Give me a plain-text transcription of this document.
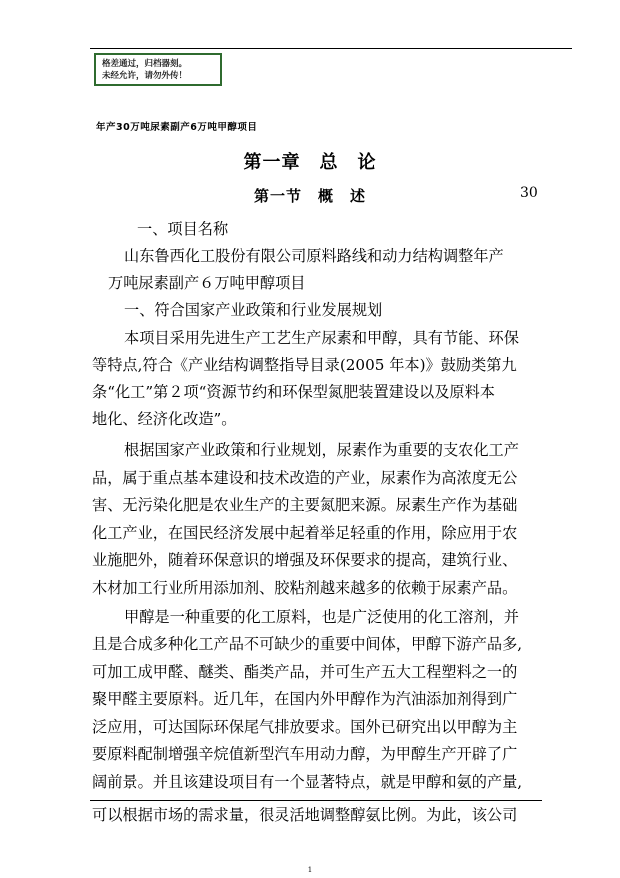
格差通过，归档器刻。
未经允许，请勿外传！
年产30万吨尿素副产6万吨甲醇项目
第一章　总　论
第一节　概　述	30
一、项目名称
山东鲁西化工股份有限公司原料路线和动力结构调整年产
万吨尿素副产６万吨甲醇项目
一、符合国家产业政策和行业发展规划
本项目采用先进生产工艺生产尿素和甲醇，具有节能、环保
等特点,符合《产业结构调整指导目录(2005 年本)》鼓励类第九
条“化工”第２项“资源节约和环保型氮肥装置建设以及原料本
地化、经济化改造”。
根据国家产业政策和行业规划，尿素作为重要的支农化工产
品，属于重点基本建设和技术改造的产业，尿素作为高浓度无公
害、无污染化肥是农业生产的主要氮肥来源。尿素生产作为基础
化工产业，在国民经济发展中起着举足轻重的作用，除应用于农
业施肥外，随着环保意识的增强及环保要求的提高，建筑行业、
木材加工行业所用添加剂、胶粘剂越来越多的依赖于尿素产品。
甲醇是一种重要的化工原料，也是广泛使用的化工溶剂，并
且是合成多种化工产品不可缺少的重要中间体，甲醇下游产品多,
可加工成甲醛、醚类、酯类产品，并可生产五大工程塑料之一的
聚甲醛主要原料。近几年，在国内外甲醇作为汽油添加剂得到广
泛应用，可达国际环保尾气排放要求。国外已研究出以甲醇为主
要原料配制增强辛烷值新型汽车用动力醇，为甲醇生产开辟了广
阔前景。并且该建设项目有一个显著特点，就是甲醇和氨的产量,
可以根据市场的需求量，很灵活地调整醇氨比例。为此，该公司
1
